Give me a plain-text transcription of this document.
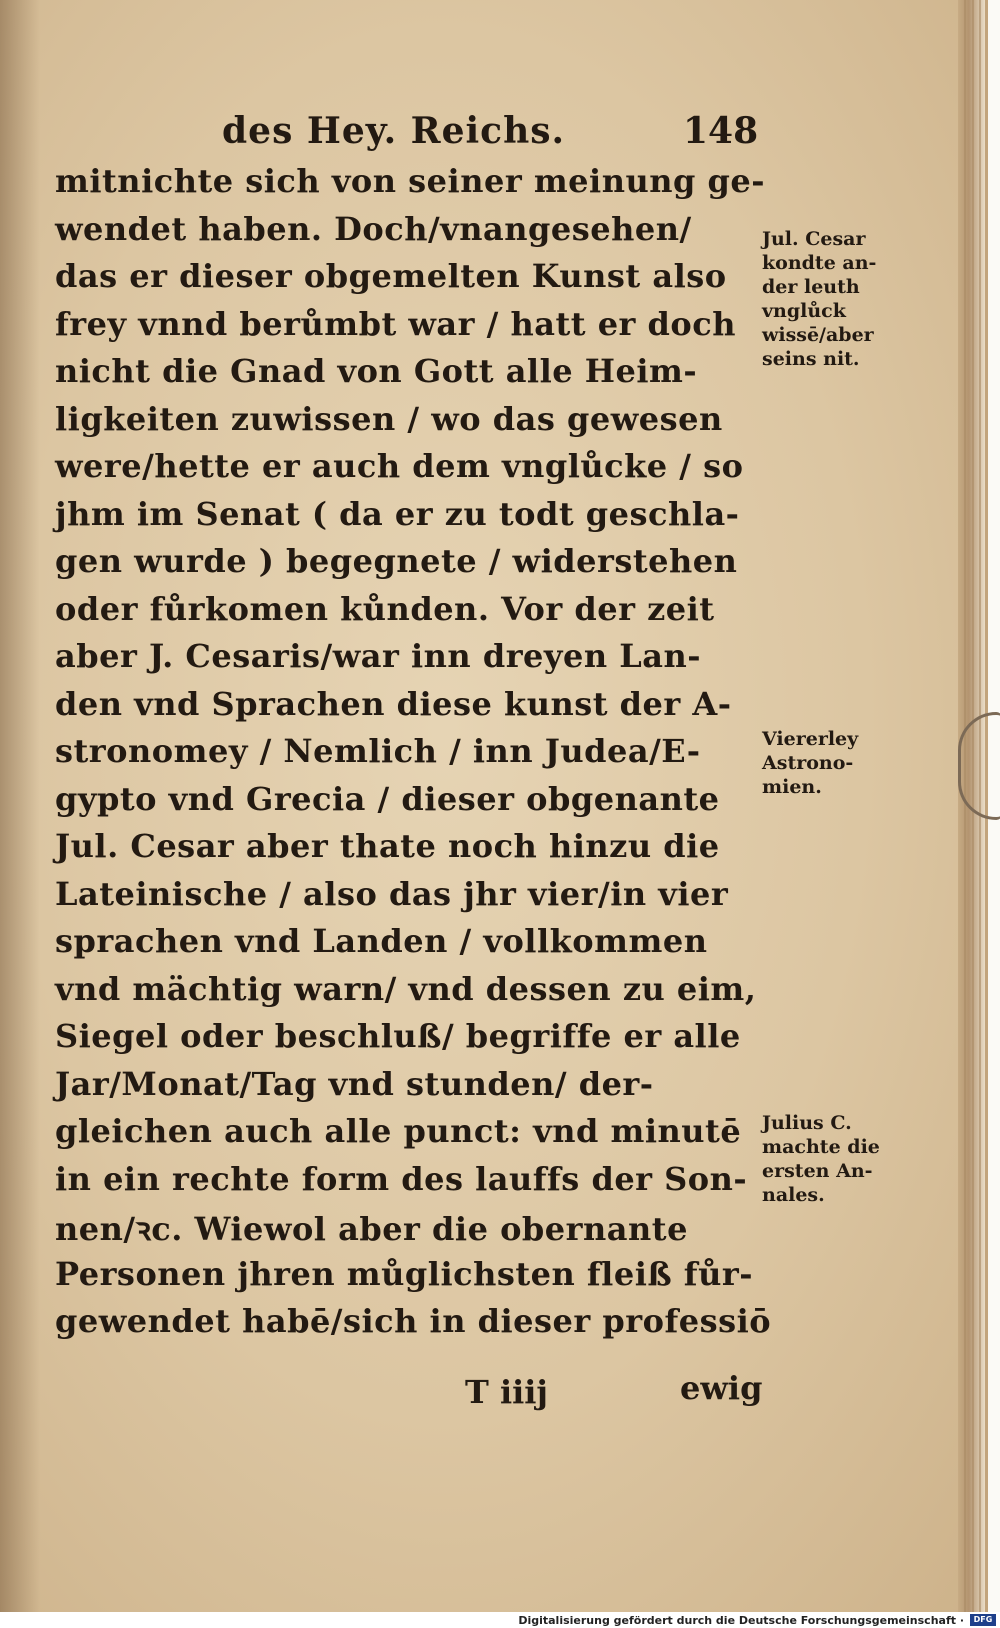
des Hey. Reichs.	148
mitnichte sich von seiner meinung ge-
wendet haben. Doch/vnangesehen/
das er dieser obgemelten Kunst also
frey vnnd berůmbt war / hatt er doch
nicht die Gnad von Gott alle Heim-
ligkeiten zuwissen / wo das gewesen
were/hette er auch dem vnglůcke / so
jhm im Senat ( da er zu todt geschla-
gen wurde ) begegnete / widerstehen
oder fůrkomen kůnden. Vor der zeit
aber J. Cesaris/war inn dreyen Lan-
den vnd Sprachen diese kunst der A-
stronomey / Nemlich / inn Judea/E-
gypto vnd Grecia / dieser obgenante
Jul. Cesar aber thate noch hinzu die
Lateinische / also das jhr vier/in vier
sprachen vnd Landen / vollkommen
vnd mächtig warn/ vnd dessen zu eim,
Siegel oder beschluß/ begriffe er alle
Jar/Monat/Tag vnd stunden/ der-
gleichen auch alle punct: vnd minutē
in ein rechte form des lauffs der Son-
nen/ꝛc. Wiewol aber die obernante
Personen jhren můglichsten fleiß fůr-
gewendet habē/sich in dieser professiō
Jul. Cesar
kondte an-
der leuth
vnglůck
wissē/aber
seins nit.
Viererley
Astrono-
mien.
Julius C.
machte die
ersten An-
nales.
T iiij	ewig
Digitalisierung gefördert durch die Deutsche Forschungsgemeinschaft ·	DFG
